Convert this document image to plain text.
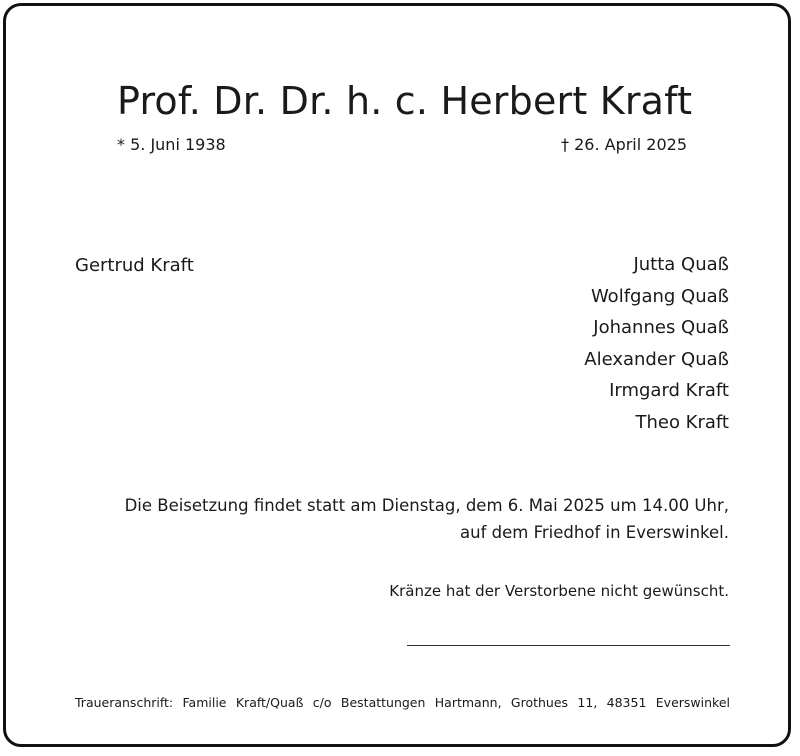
Prof. Dr. Dr. h. c. Herbert Kraft
* 5. Juni 1938	† 26. April 2025
Gertrud Kraft	Jutta Quaß
Wolfgang Quaß
Johannes Quaß
Alexander Quaß
Irmgard Kraft
Theo Kraft
Die Beisetzung findet statt am Dienstag, dem 6. Mai 2025 um 14.00 Uhr,
auf dem Friedhof in Everswinkel.
Kränze hat der Verstorbene nicht gewünscht.
Traueranschrift: Familie Kraft/Quaß c/o Bestattungen Hartmann, Grothues 11, 48351 Everswinkel
